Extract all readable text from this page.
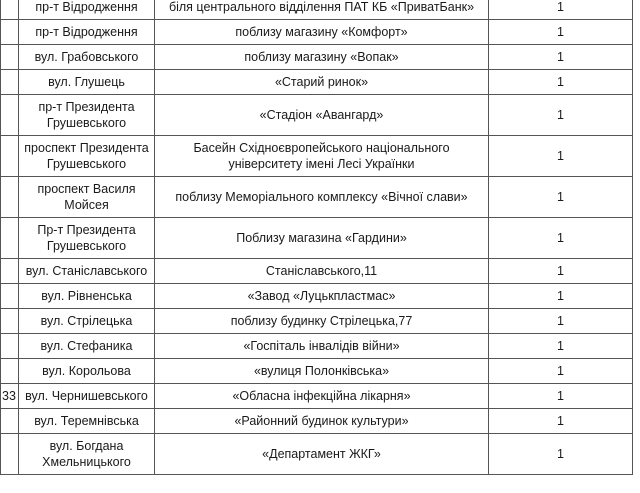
	пр-т Відродження	біля центрального відділення ПАТ КБ «ПриватБанк»	1
	пр-т Відродження	поблизу магазину «Комфорт»	1
	вул. Грабовського	поблизу магазину «Вопак»	1
	вул. Глушець	«Старий ринок»	1
	пр-т Президента Грушевського	«Стадіон «Авангард»	1
	проспект Президента Грушевського	Басейн Східноєвропейського національного університету імені Лесі Українки	1
	проспект Василя Мойсея	поблизу Меморіального комплексу «Вічної слави»	1
	Пр-т Президента Грушевського	Поблизу магазина «Гардини»	1
	вул. Станіславського	Станіславського,11	1
	вул. Рівненська	«Завод «Луцькпластмас»	1
	вул. Стрілецька	поблизу будинку Стрілецька,77	1
	вул. Стефаника	«Госпіталь інвалідів війни»	1
	вул. Корольова	«вулиця Полонківська»	1
33	вул. Чернишевського	«Обласна інфекційна лікарня»	1
	вул. Теремнівська	«Районний будинок культури»	1
	вул. Богдана Хмельницького	«Департамент ЖКГ»	1
